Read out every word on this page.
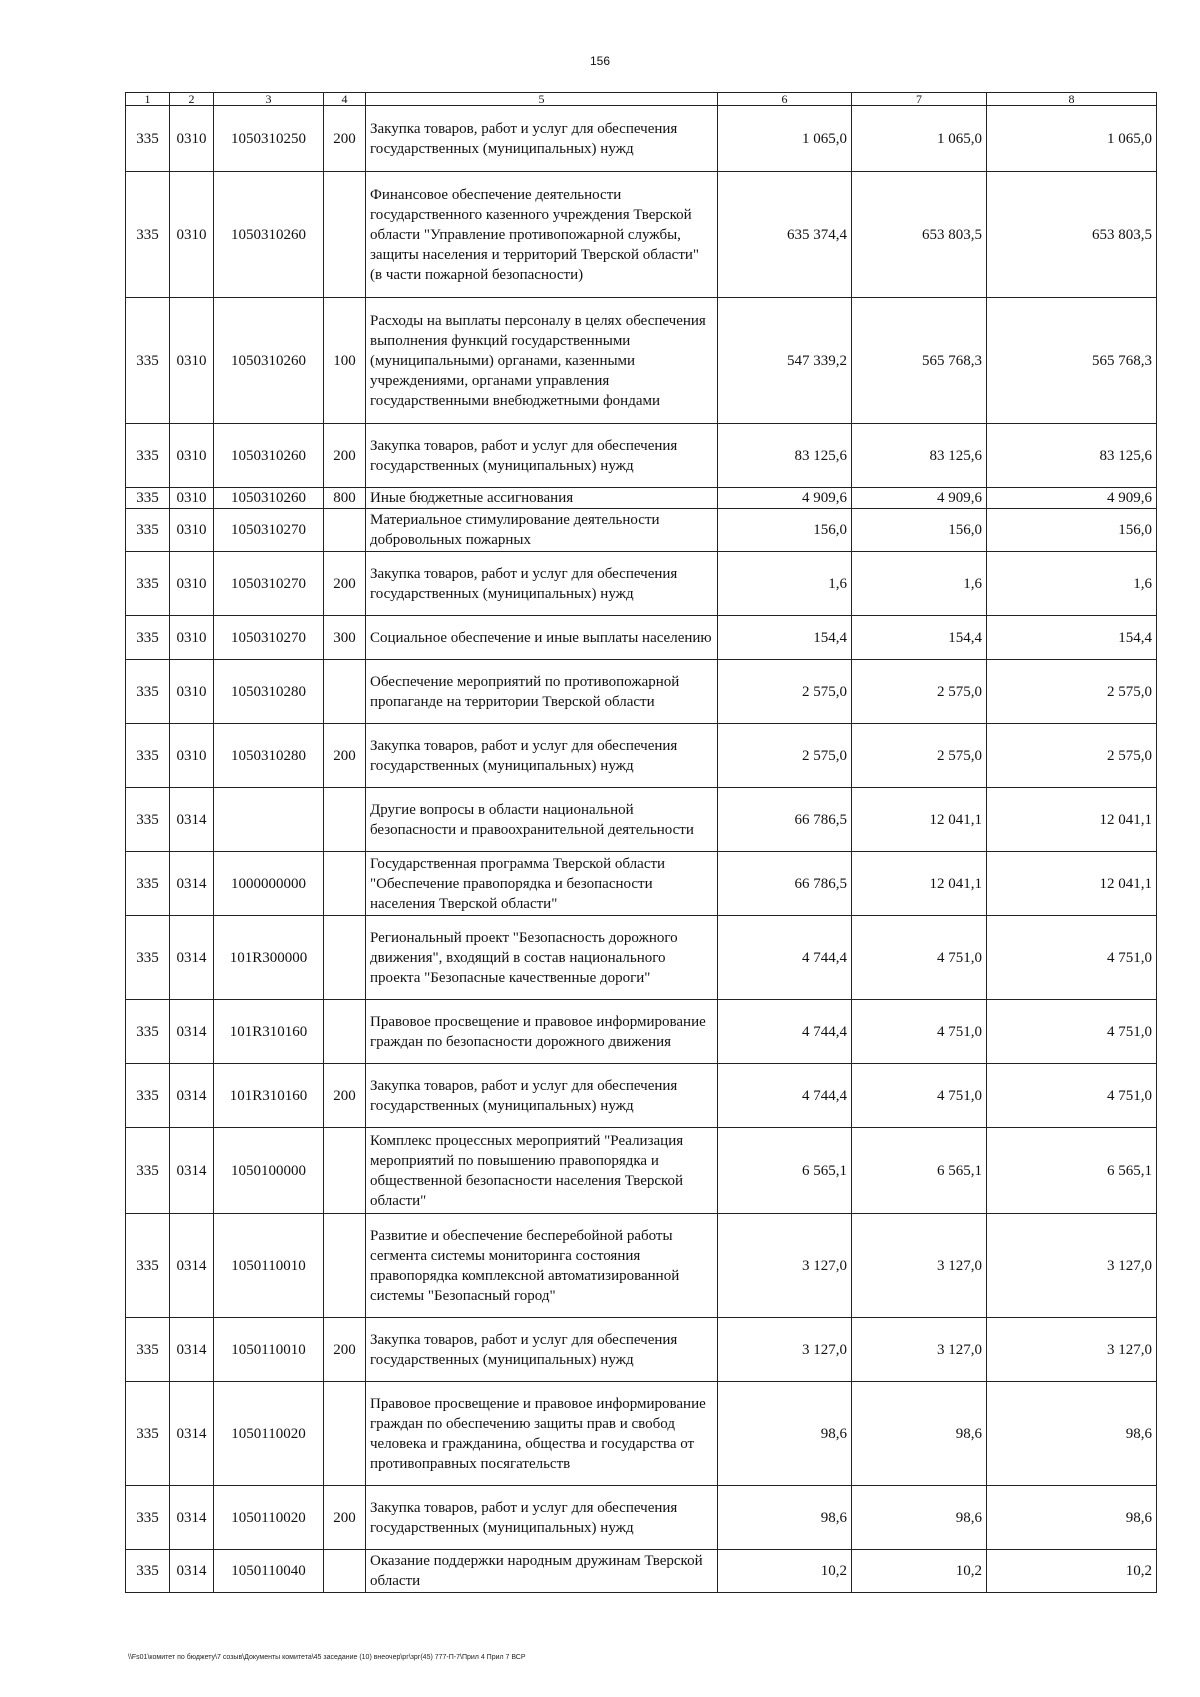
156
1	2	3	4	5	6	7	8
335	0310	1050310250	200	Закупка товаров, работ и услуг для обеспечения государственных (муниципальных) нужд	1 065,0	1 065,0	1 065,0
335	0310	1050310260		Финансовое обеспечение деятельности государственного казенного учреждения Тверской области "Управление противопожарной службы, защиты населения и территорий Тверской области" (в части пожарной безопасности)	635 374,4	653 803,5	653 803,5
335	0310	1050310260	100	Расходы на выплаты персоналу в целях обеспечения выполнения функций государственными (муниципальными) органами, казенными учреждениями, органами управления государственными внебюджетными фондами	547 339,2	565 768,3	565 768,3
335	0310	1050310260	200	Закупка товаров, работ и услуг для обеспечения государственных (муниципальных) нужд	83 125,6	83 125,6	83 125,6
335	0310	1050310260	800	Иные бюджетные ассигнования	4 909,6	4 909,6	4 909,6
335	0310	1050310270		Материальное стимулирование деятельности добровольных пожарных	156,0	156,0	156,0
335	0310	1050310270	200	Закупка товаров, работ и услуг для обеспечения государственных (муниципальных) нужд	1,6	1,6	1,6
335	0310	1050310270	300	Социальное обеспечение и иные выплаты населению	154,4	154,4	154,4
335	0310	1050310280		Обеспечение мероприятий по противопожарной пропаганде на территории Тверской области	2 575,0	2 575,0	2 575,0
335	0310	1050310280	200	Закупка товаров, работ и услуг для обеспечения государственных (муниципальных) нужд	2 575,0	2 575,0	2 575,0
335	0314			Другие вопросы в области национальной безопасности и правоохранительной деятельности	66 786,5	12 041,1	12 041,1
335	0314	1000000000		Государственная программа Тверской области "Обеспечение правопорядка и безопасности населения Тверской области"	66 786,5	12 041,1	12 041,1
335	0314	101R300000		Региональный проект "Безопасность дорожного движения", входящий в состав национального проекта "Безопасные качественные дороги"	4 744,4	4 751,0	4 751,0
335	0314	101R310160		Правовое просвещение и правовое информирование граждан по безопасности дорожного движения	4 744,4	4 751,0	4 751,0
335	0314	101R310160	200	Закупка товаров, работ и услуг для обеспечения государственных (муниципальных) нужд	4 744,4	4 751,0	4 751,0
335	0314	1050100000		Комплекс процессных мероприятий "Реализация мероприятий по повышению правопорядка и общественной безопасности населения Тверской области"	6 565,1	6 565,1	6 565,1
335	0314	1050110010		Развитие и обеспечение бесперебойной работы сегмента системы мониторинга состояния правопорядка комплексной автоматизированной системы "Безопасный город"	3 127,0	3 127,0	3 127,0
335	0314	1050110010	200	Закупка товаров, работ и услуг для обеспечения государственных (муниципальных) нужд	3 127,0	3 127,0	3 127,0
335	0314	1050110020		Правовое просвещение и правовое информирование граждан по обеспечению защиты прав и свобод человека и гражданина, общества и государства от противоправных посягательств	98,6	98,6	98,6
335	0314	1050110020	200	Закупка товаров, работ и услуг для обеспечения государственных (муниципальных) нужд	98,6	98,6	98,6
335	0314	1050110040		Оказание поддержки народным дружинам Тверской области	10,2	10,2	10,2
\\Fs01\комитет по бюджету\7 созыв\Документы комитета\45 заседание (10) внеочер\рг\зрг(45) 777-П-7\Прил 4 Прил 7 ВСР
